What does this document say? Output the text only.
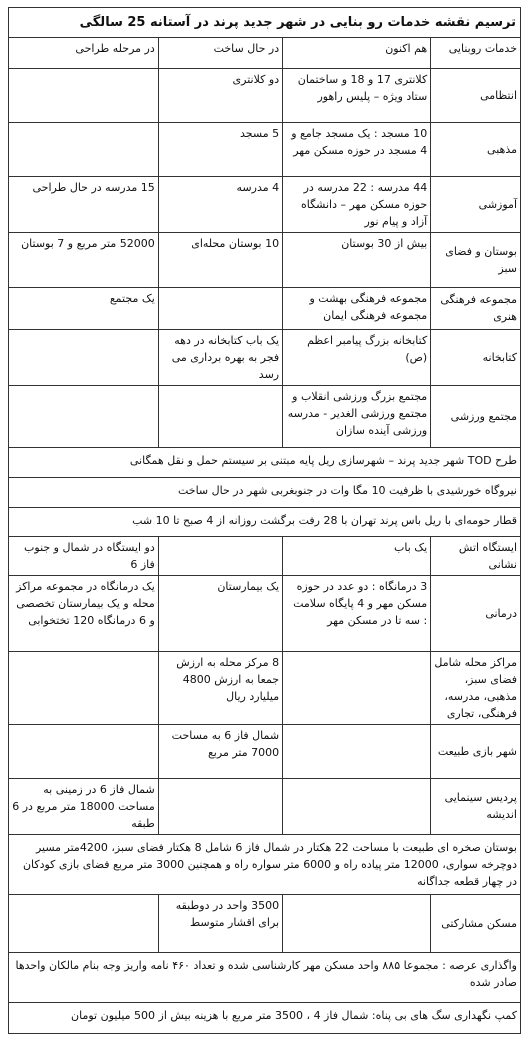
ترسیم نقشه خدمات رو بنایی در شهر جدید پرند در آستانه 25 سالگی
خدمات روبنایی	هم اکنون	در حال ساخت	در مرحله طراحی
انتظامی	کلانتری 17 و 18 و ساختمان ستاد ویژه – پلیس راهور	دو کلانتری	
مذهبی	10 مسجد : یک مسجد جامع و 4 مسجد در حوزه مسکن مهر	5 مسجد	
آموزشی	44 مدرسه : 22 مدرسه در حوزه مسکن مهر – دانشگاه آزاد و پیام نور	4 مدرسه	15 مدرسه در حال طراحی
بوستان و فضای سبز	بیش از 30 بوستان	10 بوستان محله‌ای	52000 متر مربع و 7 بوستان
مجموعه فرهنگی هنری	مجموعه فرهنگی بهشت و مجموعه فرهنگی ایمان		یک مجتمع
کتابخانه	کتابخانه بزرگ پیامبر اعظم (ص)	یک باب کتابخانه در دهه فجر به بهره برداری می رسد	
مجتمع ورزشی	مجتمع بزرگ ورزشی انقلاب و مجتمع ورزشی الغدیر - مدرسه ورزشی آینده سازان		
طرح TOD شهر جدید پرند – شهرسازی ریل پایه مبتنی بر سیستم حمل و نقل همگانی			
نیروگاه خورشیدی با ظرفیت 10 مگا وات در جنوبغربی شهر در حال ساخت			
قطار حومه‌ای با ریل باس پرند تهران با 28 رفت برگشت روزانه از 4 صبح تا 10 شب			
ایستگاه اتش نشانی	یک باب		دو ایستگاه در شمال و جنوب فاز 6
درمانی	3 درمانگاه : دو عدد در حوزه مسکن مهر و 4 پایگاه سلامت : سه تا در مسکن مهر	یک بیمارستان	یک درمانگاه در مجموعه مراکز محله و یک بیمارستان تخصصی و 6 درمانگاه 120 تختخوابی
مراکز محله شامل فضای سبز، مذهبی، مدرسه، فرهنگی، تجاری		8 مرکز محله به ارزش جمعا به ارزش 4800 میلیارد ریال	
شهر بازی طبیعت		شمال فاز 6 به مساحت 7000 متر مربع	
پردیس سینمایی اندیشه			شمال فاز 6 در زمینی به مساحت 18000 متر مربع در 6 طبقه
بوستان صخره ای طبیعت با مساحت 22 هکتار در شمال فاز 6 شامل 8 هکتار فضای سبز، 4200متر مسیر دوچرخه سواری، 12000 متر پیاده راه و 6000 متر سواره راه و همچنین 3000 متر مربع فضای بازی کودکان در چهار قطعه جداگانه			
مسکن مشارکتی		3500 واحد در دوطبقه برای اقشار متوسط	
واگذاری عرصه : مجموعا ۸۸۵ واحد مسکن مهر کارشناسی شده و تعداد ۴۶۰ نامه واریز وجه بنام مالکان واحدها صادر شده			
کمپ نگهداری سگ های بی پناه: شمال فاز 4 ، 3500 متر مربع با هزینه بیش از 500 میلیون تومان			
